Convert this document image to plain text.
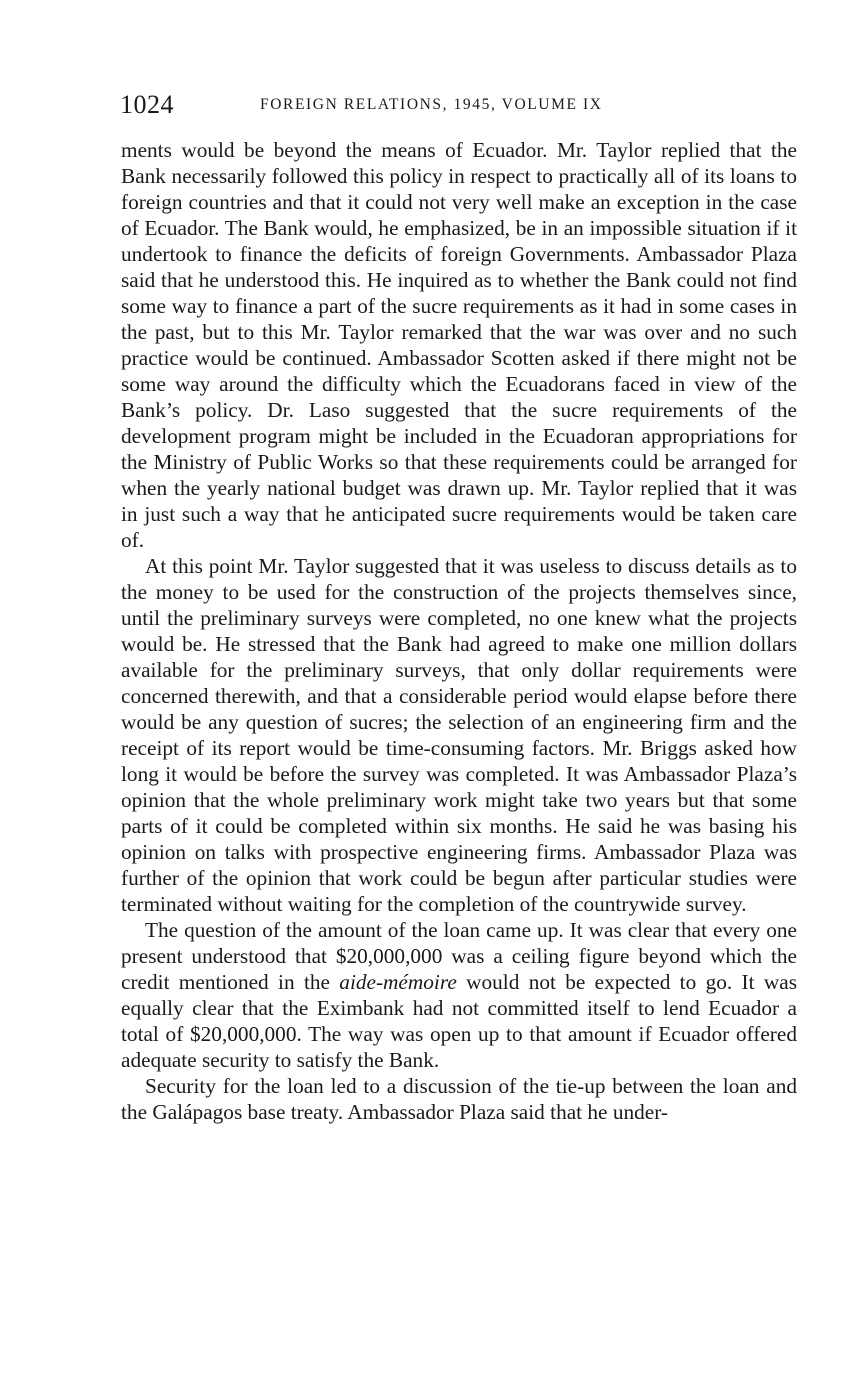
1024	FOREIGN RELATIONS, 1945, VOLUME IX

ments would be beyond the means of Ecuador. Mr. Taylor replied that the Bank necessarily followed this policy in respect to practically all of its loans to foreign countries and that it could not very well make an exception in the case of Ecuador. The Bank would, he emphasized, be in an impossible situation if it undertook to finance the deficits of foreign Governments. Ambassador Plaza said that he understood this. He inquired as to whether the Bank could not find some way to finance a part of the sucre requirements as it had in some cases in the past, but to this Mr. Taylor remarked that the war was over and no such practice would be continued. Ambassador Scotten asked if there might not be some way around the difficulty which the Ecuadorans faced in view of the Bank’s policy. Dr. Laso suggested that the sucre requirements of the development program might be included in the Ecuadoran appropriations for the Ministry of Public Works so that these requirements could be arranged for when the yearly national budget was drawn up. Mr. Taylor replied that it was in just such a way that he anticipated sucre requirements would be taken care of.

At this point Mr. Taylor suggested that it was useless to discuss details as to the money to be used for the construction of the projects themselves since, until the preliminary surveys were completed, no one knew what the projects would be. He stressed that the Bank had agreed to make one million dollars available for the preliminary surveys, that only dollar requirements were concerned therewith, and that a considerable period would elapse before there would be any question of sucres; the selection of an engineering firm and the receipt of its report would be time-consuming factors. Mr. Briggs asked how long it would be before the survey was completed. It was Ambassador Plaza’s opinion that the whole preliminary work might take two years but that some parts of it could be completed within six months. He said he was basing his opinion on talks with prospective engineering firms. Ambassador Plaza was further of the opinion that work could be begun after particular studies were terminated without waiting for the completion of the countrywide survey.

The question of the amount of the loan came up. It was clear that every one present understood that $20,000,000 was a ceiling figure beyond which the credit mentioned in the aide-mémoire would not be expected to go. It was equally clear that the Eximbank had not committed itself to lend Ecuador a total of $20,000,000. The way was open up to that amount if Ecuador offered adequate security to satisfy the Bank.

Security for the loan led to a discussion of the tie-up between the loan and the Galápagos base treaty. Ambassador Plaza said that he under-
